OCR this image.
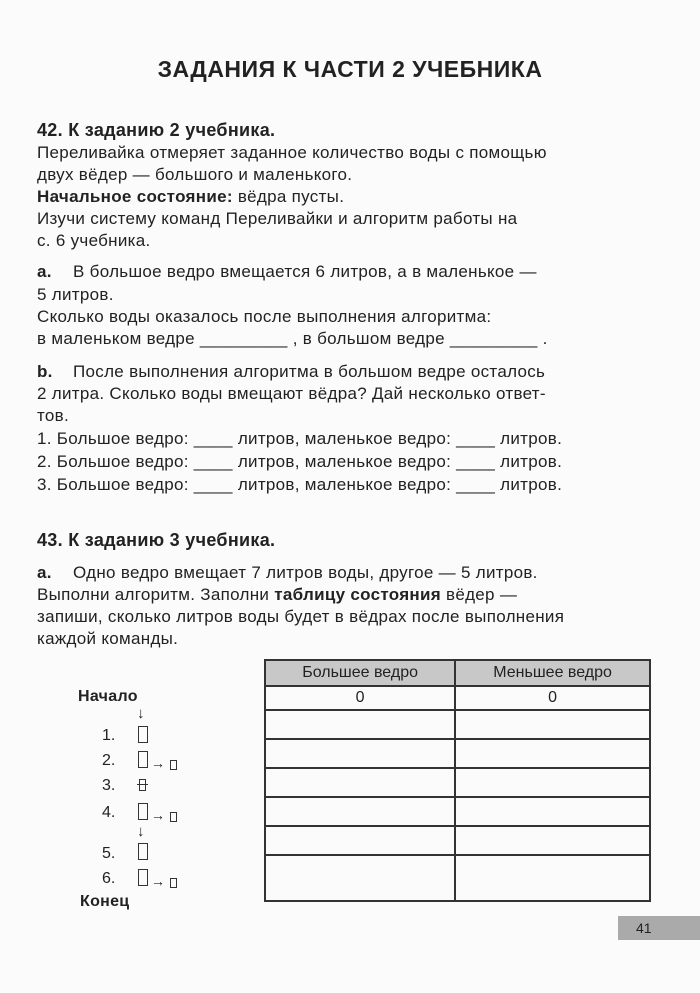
ЗАДАНИЯ К ЧАСТИ 2 УЧЕБНИКА
42. К заданию 2 учебника.
Переливайка отмеряет заданное количество воды с помощью
двух вёдер — большого и маленького.
Начальное состояние: вёдра пусты.
Изучи систему команд Переливайки и алгоритм работы на
с. 6 учебника.
a. В большое ведро вмещается 6 литров, а в маленькое —
5 литров.
Сколько воды оказалось после выполнения алгоритма:
в маленьком ведре _________ , в большом ведре _________ .
b. После выполнения алгоритма в большом ведре осталось
2 литра. Сколько воды вмещают вёдра? Дай несколько ответ-
тов.
1. Большое ведро: ____ литров, маленькое ведро: ____ литров.
2. Большое ведро: ____ литров, маленькое ведро: ____ литров.
3. Большое ведро: ____ литров, маленькое ведро: ____ литров.
43. К заданию 3 учебника.
a. Одно ведро вмещает 7 литров воды, другое — 5 литров.
Выполни алгоритм. Заполни таблицу состояния вёдер —
запиши, сколько литров воды будет в вёдрах после выполнения
каждой команды.
Начало
↓
1.
2.	→
3.
4.	→
↓
5.
6.	→
Конец
Большее ведро	Меньшее ведро
0	0

41
